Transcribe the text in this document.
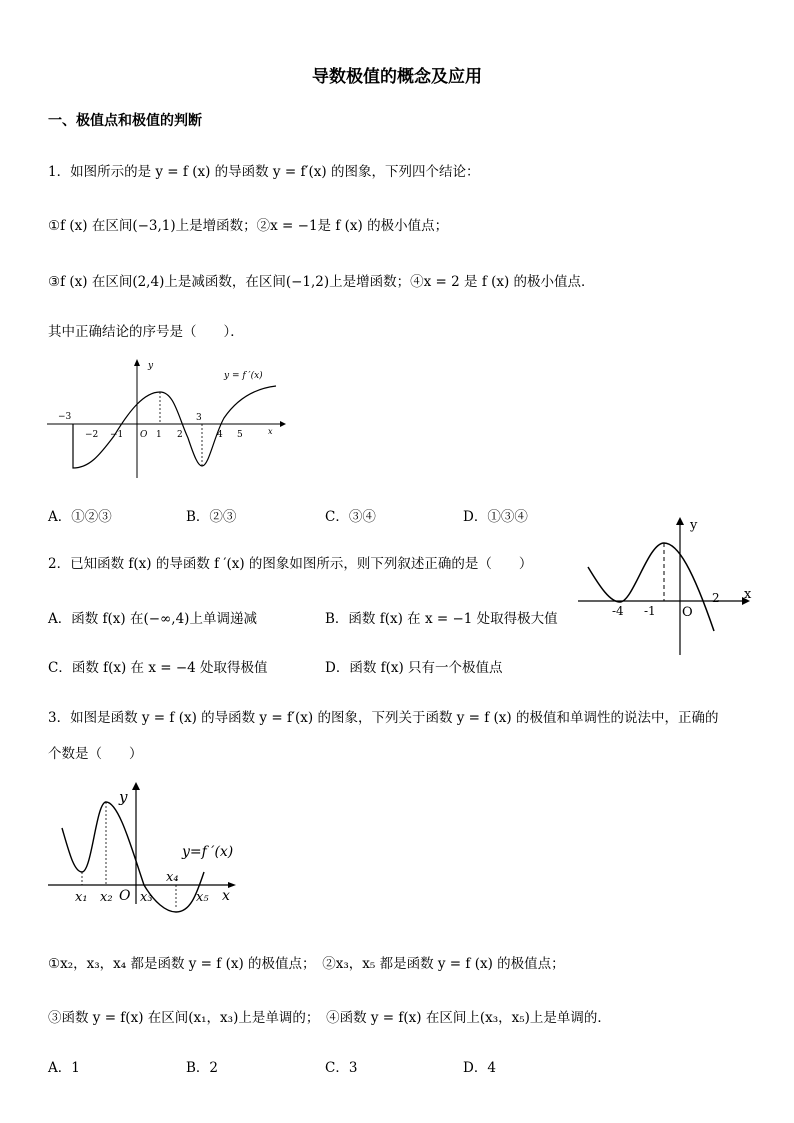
导数极值的概念及应用
一、极值点和极值的判断
1．如图所示的是 y = f (x) 的导函数 y = f′(x) 的图象，下列四个结论：
①f (x) 在区间(−3,1)上是增函数；②x = −1是 f (x) 的极小值点；
③f (x) 在区间(2,4)上是减函数，在区间(−1,2)上是增函数；④x = 2 是 f (x) 的极小值点．
其中正确结论的序号是（　　）．
y
y = f ′(x)
x
O
−3
−2 −1	1 2
3
4 5
A．①②③	B．②③	C．③④	D．①③④
2．已知函数 f(x) 的导函数 f ′(x) 的图象如图所示，则下列叙述正确的是（　　）
A．函数 f(x) 在(−∞,4)上单调递减	B．函数 f(x) 在 x = −1 处取得极大值
C．函数 f(x) 在 x = −4 处取得极值	D．函数 f(x) 只有一个极值点
y
x
O
-4 -1
2
3．如图是函数 y = f (x) 的导函数 y = f′(x) 的图象，下列关于函数 y = f (x) 的极值和单调性的说法中，正确的
个数是（　　）
y
y=f ′(x)
x
O
x₁ x₂ x₃
x₄
x₅
①x₂，x₃，x₄ 都是函数 y = f (x) 的极值点；　②x₃，x₅ 都是函数 y = f (x) 的极值点；
③函数 y = f(x) 在区间(x₁，x₃)上是单调的；　④函数 y = f(x) 在区间上(x₃，x₅)上是单调的．
A．1	B．2	C．3	D．4
